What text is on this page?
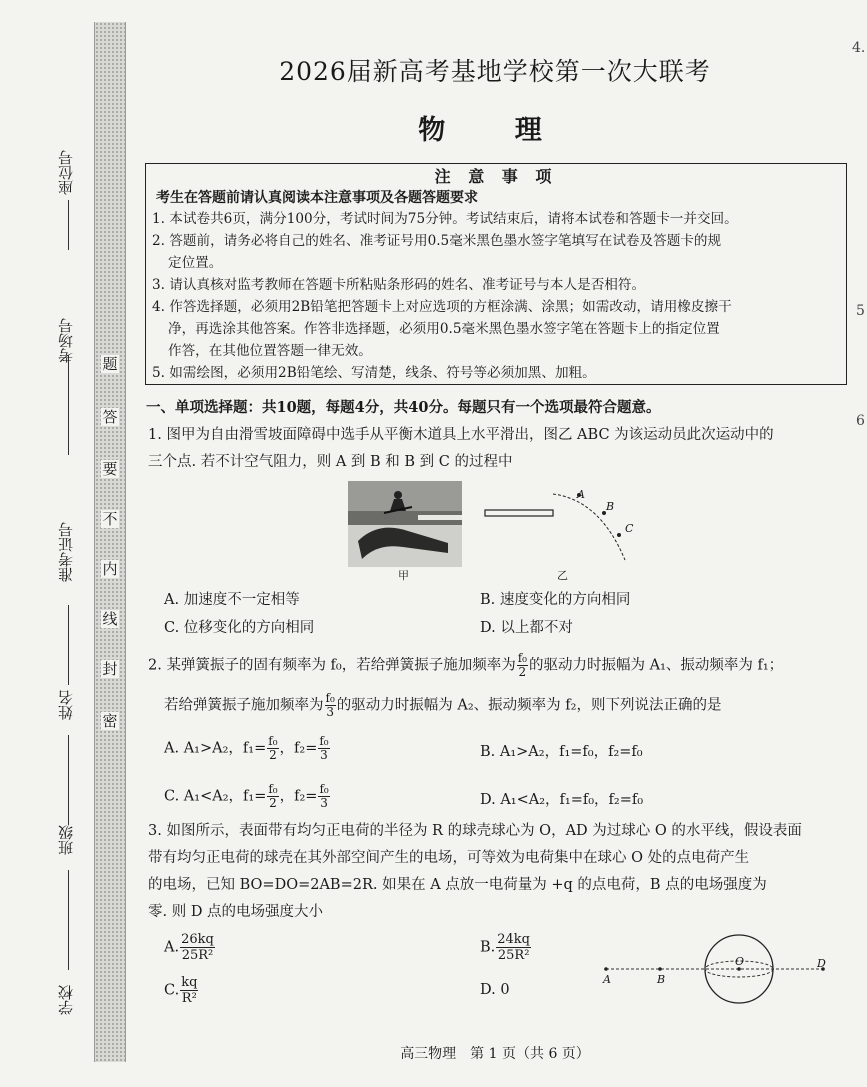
4.
5
6
座位号
考场号
准考证号
姓名
班级
学校
题
答
要
不
内
线
封
密
2026届新高考基地学校第一次大联考
物 理
注 意 事 项
考生在答题前请认真阅读本注意事项及各题答题要求
1. 本试卷共6页，满分100分，考试时间为75分钟。考试结束后，请将本试卷和答题卡一并交回。
2. 答题前，请务必将自己的姓名、准考证号用0.5毫米黑色墨水签字笔填写在试卷及答题卡的规
定位置。
3. 请认真核对监考教师在答题卡所粘贴条形码的姓名、准考证号与本人是否相符。
4. 作答选择题，必须用2B铅笔把答题卡上对应选项的方框涂满、涂黑；如需改动，请用橡皮擦干
净，再选涂其他答案。作答非选择题，必须用0.5毫米黑色墨水签字笔在答题卡上的指定位置
作答，在其他位置答题一律无效。
5. 如需绘图，必须用2B铅笔绘、写清楚，线条、符号等必须加黑、加粗。
一、单项选择题：共10题，每题4分，共40分。每题只有一个选项最符合题意。
1. 图甲为自由滑雪坡面障碍中选手从平衡木道具上水平滑出，图乙 ABC 为该运动员此次运动中的
三个点. 若不计空气阻力，则 A 到 B 和 B 到 C 的过程中
甲
A
B
C
乙
A. 加速度不一定相等	B. 速度变化的方向相同
C. 位移变化的方向相同	D. 以上都不对
2. 某弹簧振子的固有频率为 f₀，若给弹簧振子施加频率为 $\frac{\text{f₀}}{2}$ 的驱动力时振幅为 A₁、振动频率为 f₁；
若给弹簧振子施加频率为 $\frac{\text{f₀}}{3}$ 的驱动力时振幅为 A₂、振动频率为 f₂，则下列说法正确的是
A. A₁>A₂，$f_1= \frac{\text{f₀}}{2}$ ，$f_2= \frac{\text{f₀}}{3}$	B. A₁>A₂，f₁=f₀，f₂=f₀
C. A₁<A₂，$f_1= \frac{\text{f₀}}{2}$ ，$f_2= \frac{\text{f₀}}{3}$	D. A₁<A₂，f₁=f₀，f₂=f₀
3. 如图所示，表面带有均匀正电荷的半径为 R 的球壳球心为 O，AD 为过球心 O 的水平线，假设表面
带有均匀正电荷的球壳在其外部空间产生的电场，可等效为电荷集中在球心 O 处的点电荷产生
的电场，已知 BO=DO=2AB=2R. 如果在 A 点放一电荷量为 +q 的点电荷，B 点的电场强度为
零. 则 D 点的电场强度大小
A. $\frac{26kq}{\text{25R²}}$	B. $\frac{24kq}{\text{25R²}}$
C. $\frac{kq}{\text{R²}}$	D. 0
A	B
O	D
高三物理　第 1 页（共 6 页）
